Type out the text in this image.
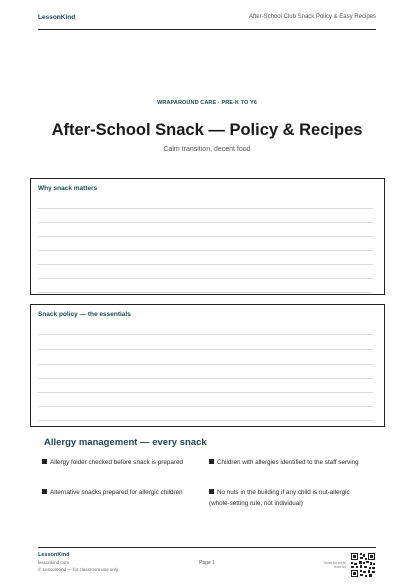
LessonKind	After-School Club Snack Policy & Easy Recipes
WRAPAROUND CARE · PRE-K TO Y6
After-School Snack — Policy & Recipes
Calm transition, decent food
Why snack matters
Snack policy — the essentials
Allergy management — every snack
Allergy folder checked before snack is prepared	Children with allergies identified to the staff serving
Alternative snacks prepared for allergic children	No nuts in the building if any child is nut-allergic (whole-setting rule, not individual)
LessonKind
lessonkind.com
© LessonKind — for classroom use only
Page 1	Scan for more from us
